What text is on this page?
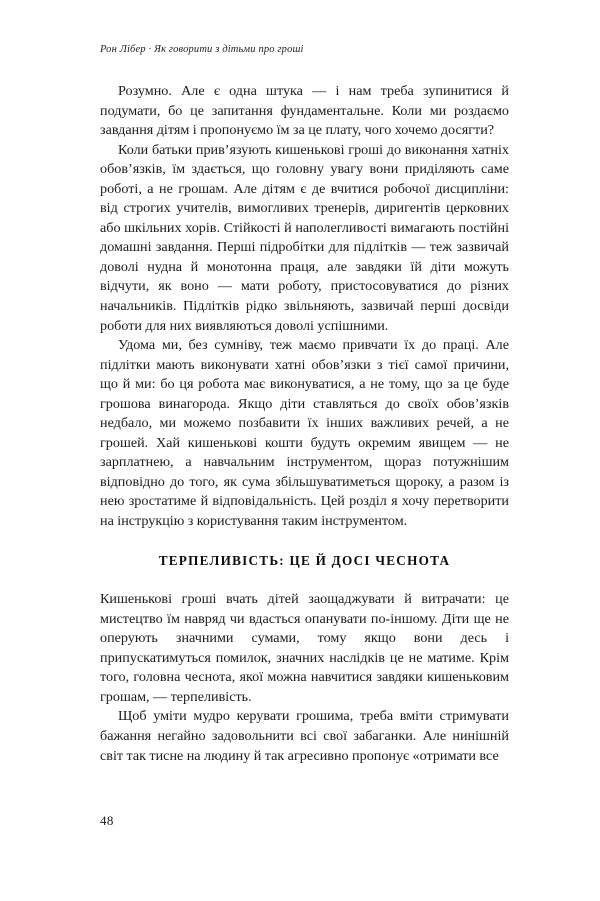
Рон Лібер · Як говорити з дітьми про гроші

Розумно. Але є одна штука — і нам треба зупинитися й подумати, бо це запитання фундаментальне. Коли ми роздаємо завдання дітям і пропонуємо їм за це плату, чого хочемо досягти?

Коли батьки прив’язують кишенькові гроші до виконання хатніх обов’язків, їм здається, що головну увагу вони приділяють саме роботі, а не грошам. Але дітям є де вчитися робочої дисципліни: від строгих учителів, вимогливих тренерів, диригентів церковних або шкільних хорів. Стійкості й наполегливості вимагають постійні домашні завдання. Перші підробітки для підлітків — теж зазвичай доволі нудна й монотонна праця, але завдяки їй діти можуть відчути, як воно — мати роботу, пристосовуватися до різних начальників. Підлітків рідко звільняють, зазвичай перші досвіди роботи для них виявляються доволі успішними.

Удома ми, без сумніву, теж маємо привчати їх до праці. Але підлітки мають виконувати хатні обов’язки з тієї самої причини, що й ми: бо ця робота має виконуватися, а не тому, що за це буде грошова винагорода. Якщо діти ставляться до своїх обов’язків недбало, ми можемо позбавити їх інших важливих речей, а не грошей. Хай кишенькові кошти будуть окремим явищем — не зарплатнею, а навчальним інструментом, щораз потужнішим відповідно до того, як сума збільшуватиметься щороку, а разом із нею зростатиме й відповідальність. Цей розділ я хочу перетворити на інструкцію з користування таким інструментом.

ТЕРПЕЛИВІСТЬ: ЦЕ Й ДОСІ ЧЕСНОТА

Кишенькові гроші вчать дітей заощаджувати й витрачати: це мистецтво їм навряд чи вдасться опанувати по-іншому. Діти ще не оперують значними сумами, тому якщо вони десь і припускатимуться помилок, значних наслідків це не матиме. Крім того, головна чеснота, якої можна навчитися завдяки кишеньковим грошам, — терпеливість.

Щоб уміти мудро керувати грошима, треба вміти стримувати бажання негайно задовольнити всі свої забаганки. Але нинішній світ так тисне на людину й так агресивно пропонує «отримати все

48
